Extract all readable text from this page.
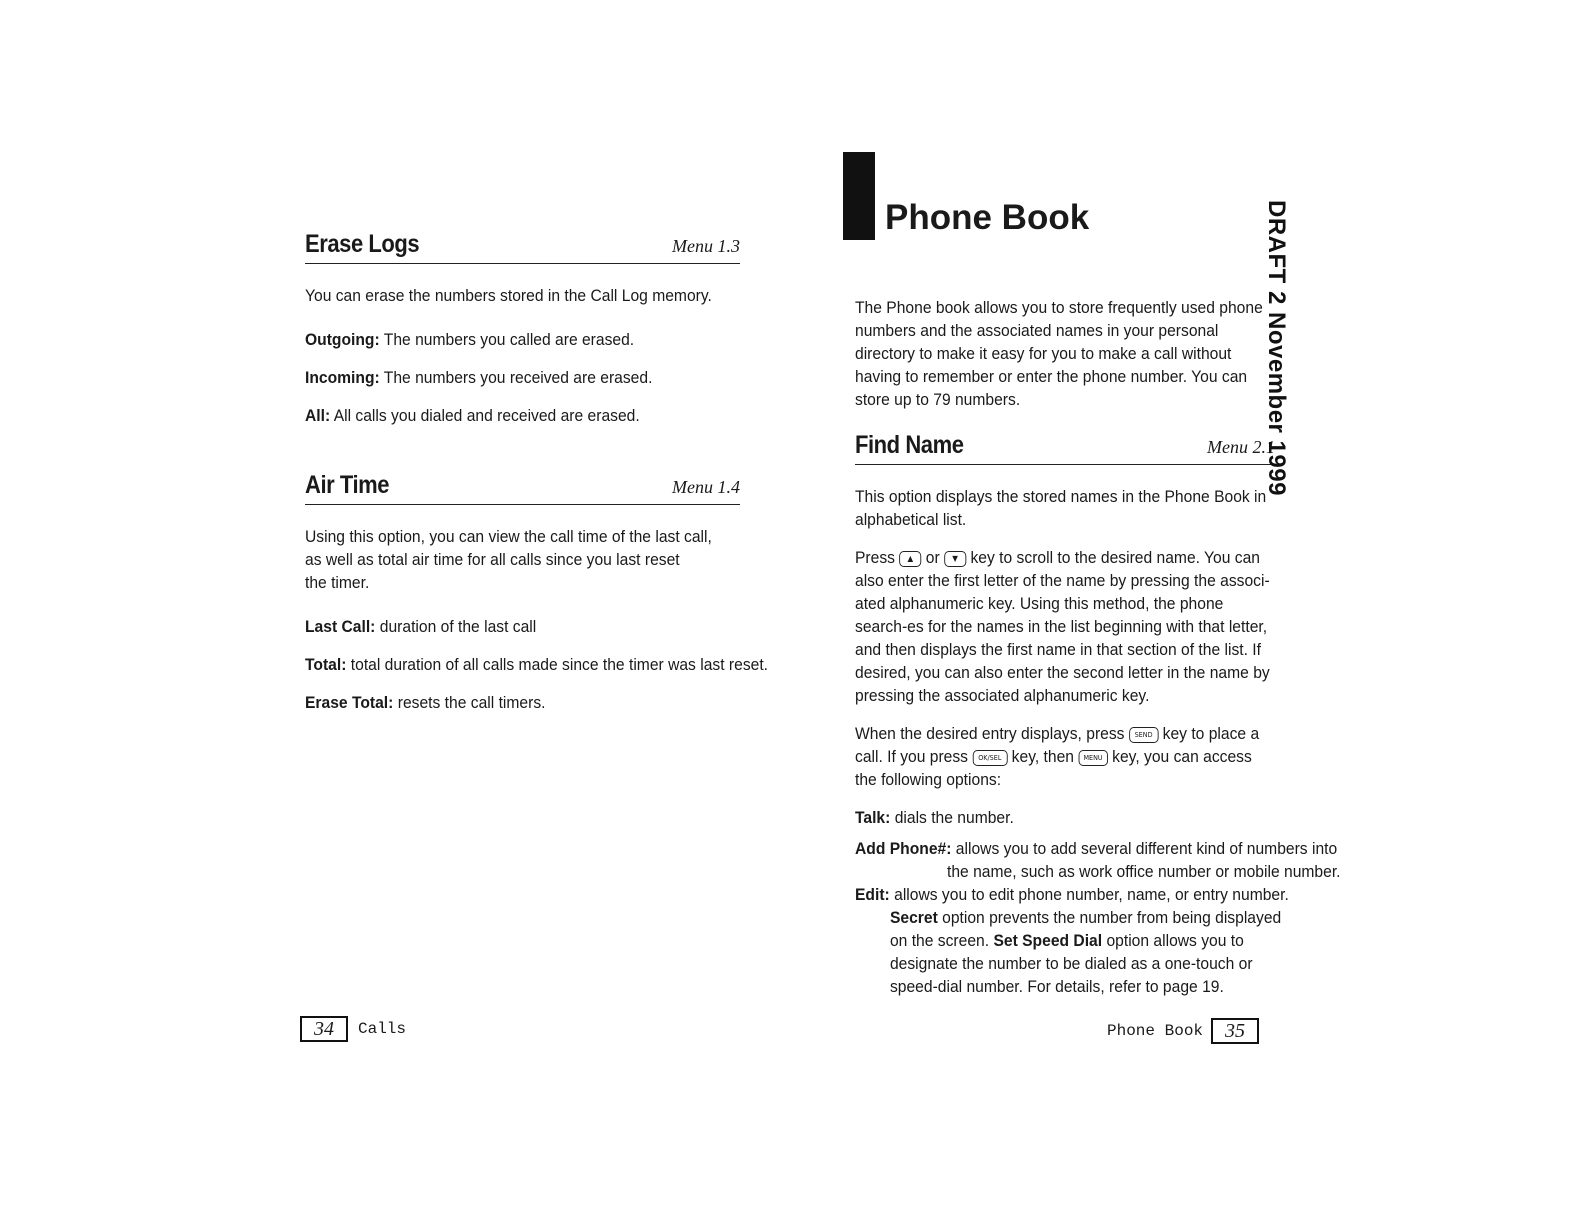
Erase Logs	Menu 1.3

You can erase the numbers stored in the Call Log memory.

Outgoing: The numbers you called are erased.

Incoming: The numbers you received are erased.

All: All calls you dialed and received are erased.

Air Time	Menu 1.4

Using this option, you can view the call time of the last call,
as well as total air time for all calls since you last reset
the timer.

Last Call: duration of the last call

Total: total duration of all calls made since the timer was last reset.

Erase Total: resets the call timers.

34	Calls
Phone Book

The Phone book allows you to store frequently used phone numbers and the associated names in your personal directory to make it easy for you to make a call without having to remember or enter the phone number. You can store up to 79 numbers.

Find Name	Menu 2.1

This option displays the stored names in the Phone Book in alphabetical list.

Press ▲ or ▼ key to scroll to the desired name. You can also enter the first letter of the name by pressing the associ-ated alphanumeric key. Using this method, the phone search-es for the names in the list beginning with that letter, and then displays the first name in that section of the list. If desired, you can also enter the second letter in the name by pressing the associated alphanumeric key.

When the desired entry displays, press SEND key to place a call. If you press OK/SEL key, then MENU key, you can access the following options:

Talk: dials the number.

Add Phone#: allows you to add several different kind of numbers into the name, such as work office number or mobile number.

Edit: allows you to edit phone number, name, or entry number. Secret option prevents the number from being displayed on the screen. Set Speed Dial option allows you to designate the number to be dialed as a one-touch or speed-dial number. For details, refer to page 19.

Phone Book	35
DRAFT 2 November 1999
